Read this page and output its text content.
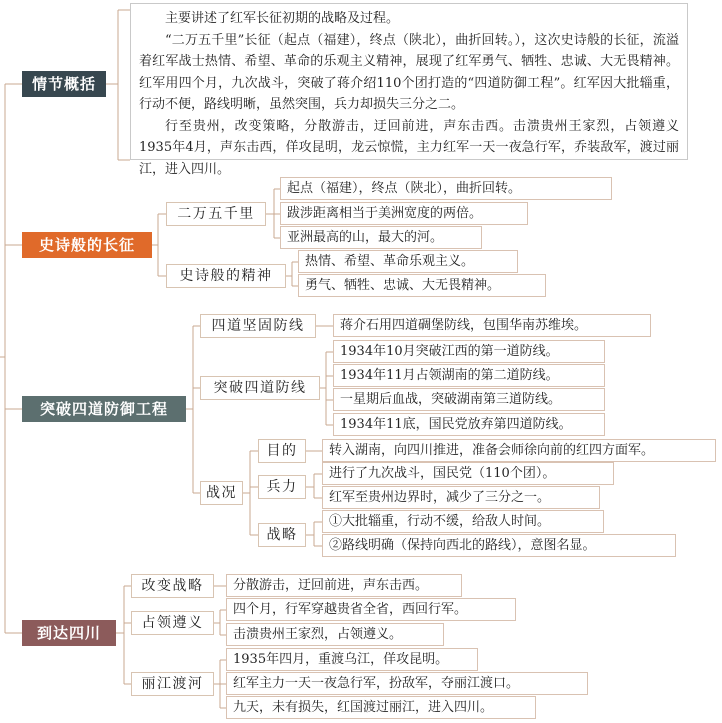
主要讲述了红军长征初期的战略及过程。

“二万五千里”长征（起点（福建），终点（陕北），曲折回转。），这次史诗般的长征，流溢着红军战士热情、希望、革命的乐观主义精神，展现了红军勇气、牺牲、忠诚、大无畏精神。红军用四个月，九次战斗，突破了蒋介绍110个团打造的“四道防御工程”。红军因大批辎重，行动不便，路线明晰，虽然突围，兵力却损失三分之二。

行至贵州，改变策略，分散游击，迂回前进，声东击西。击溃贵州王家烈，占领遵义1935年4月，声东击西，佯攻昆明，龙云惊慌，主力红军一天一夜急行军，乔装敌军，渡过丽江，进入四川。

情节概括
史诗般的长征
突破四道防御工程
到达四川
二万五千里
起点（福建），终点（陕北），曲折回转。
跋涉距离相当于美洲宽度的两倍。
亚洲最高的山，最大的河。
史诗般的精神
热情、希望、革命乐观主义。
勇气、牺牲、忠诚、大无畏精神。
四道坚固防线	蒋介石用四道碉堡防线，包围华南苏维埃。
突破四道防线
1934年10月突破江西的第一道防线。
1934年11月占领湖南的第二道防线。
一星期后血战，突破湖南第三道防线。
1934年11底，国民党放弃第四道防线。
战况
目的	转入湖南，向四川推进，准备会师徐向前的红四方面军。
兵力
进行了九次战斗，国民党（110个团）。
红军至贵州边界时，减少了三分之一。
战略
①大批辎重，行动不缓，给敌人时间。
②路线明确（保持向西北的路线），意图名显。
改变战略	分散游击，迂回前进，声东击西。
占领遵义
四个月，行军穿越贵省全省，西回行军。
击溃贵州王家烈，占领遵义。
丽江渡河
1935年四月，重渡乌江，佯攻昆明。
红军主力一天一夜急行军，扮敌军，夺丽江渡口。
九天，未有损失，红国渡过丽江，进入四川。
